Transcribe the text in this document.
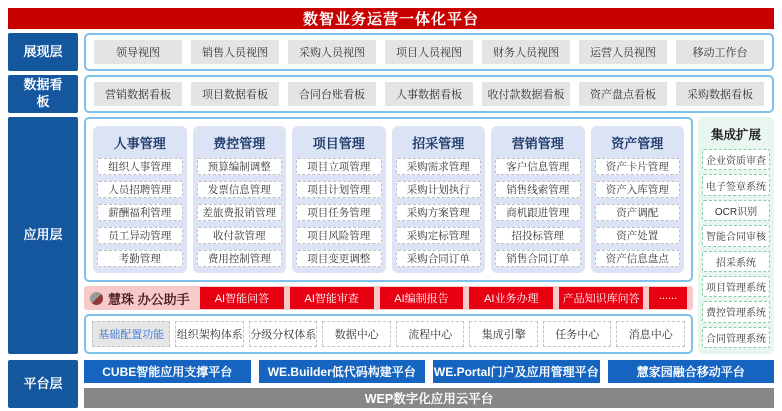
数智业务运营一体化平台
展现层	领导视图	销售人员视图	采购人员视图	项目人员视图	财务人员视图	运营人员视图	移动工作台
数据看板	营销数据看板	项目数据看板	合同台账看板	人事数据看板	收付款数据看板	资产盘点看板	采购数据看板
应用层
人事管理
组织人事管理
人员招聘管理
薪酬福利管理
员工异动管理
考勤管理
费控管理
预算编制调整
发票信息管理
差旅费报销管理
收付款管理
费用控制管理
项目管理
项目立项管理
项目计划管理
项目任务管理
项目风险管理
项目变更调整
招采管理
采购需求管理
采购计划执行
采购方案管理
采购定标管理
采购合同订单
营销管理
客户信息管理
销售线索管理
商机跟进管理
招投标管理
销售合同订单
资产管理
资产卡片管理
资产入库管理
资产调配
资产处置
资产信息盘点
慧珠 办公助手	AI智能问答	AI智能审查	AI编制报告	AI业务办理	产品知识库问答	......
基础配置功能	组织架构体系 分级分权体系	数据中心	流程中心	集成引擎	任务中心	消息中心
集成扩展
企业资质审查
电子签章系统
OCR识别
智能合同审核
招采系统
项目管理系统
费控管理系统
合同管理系统
平台层
CUBE智能应用支撑平台	WE.Builder低代码构建平台	WE.Portal门户及应用管理平台	慧家园融合移动平台
WEP数字化应用云平台
